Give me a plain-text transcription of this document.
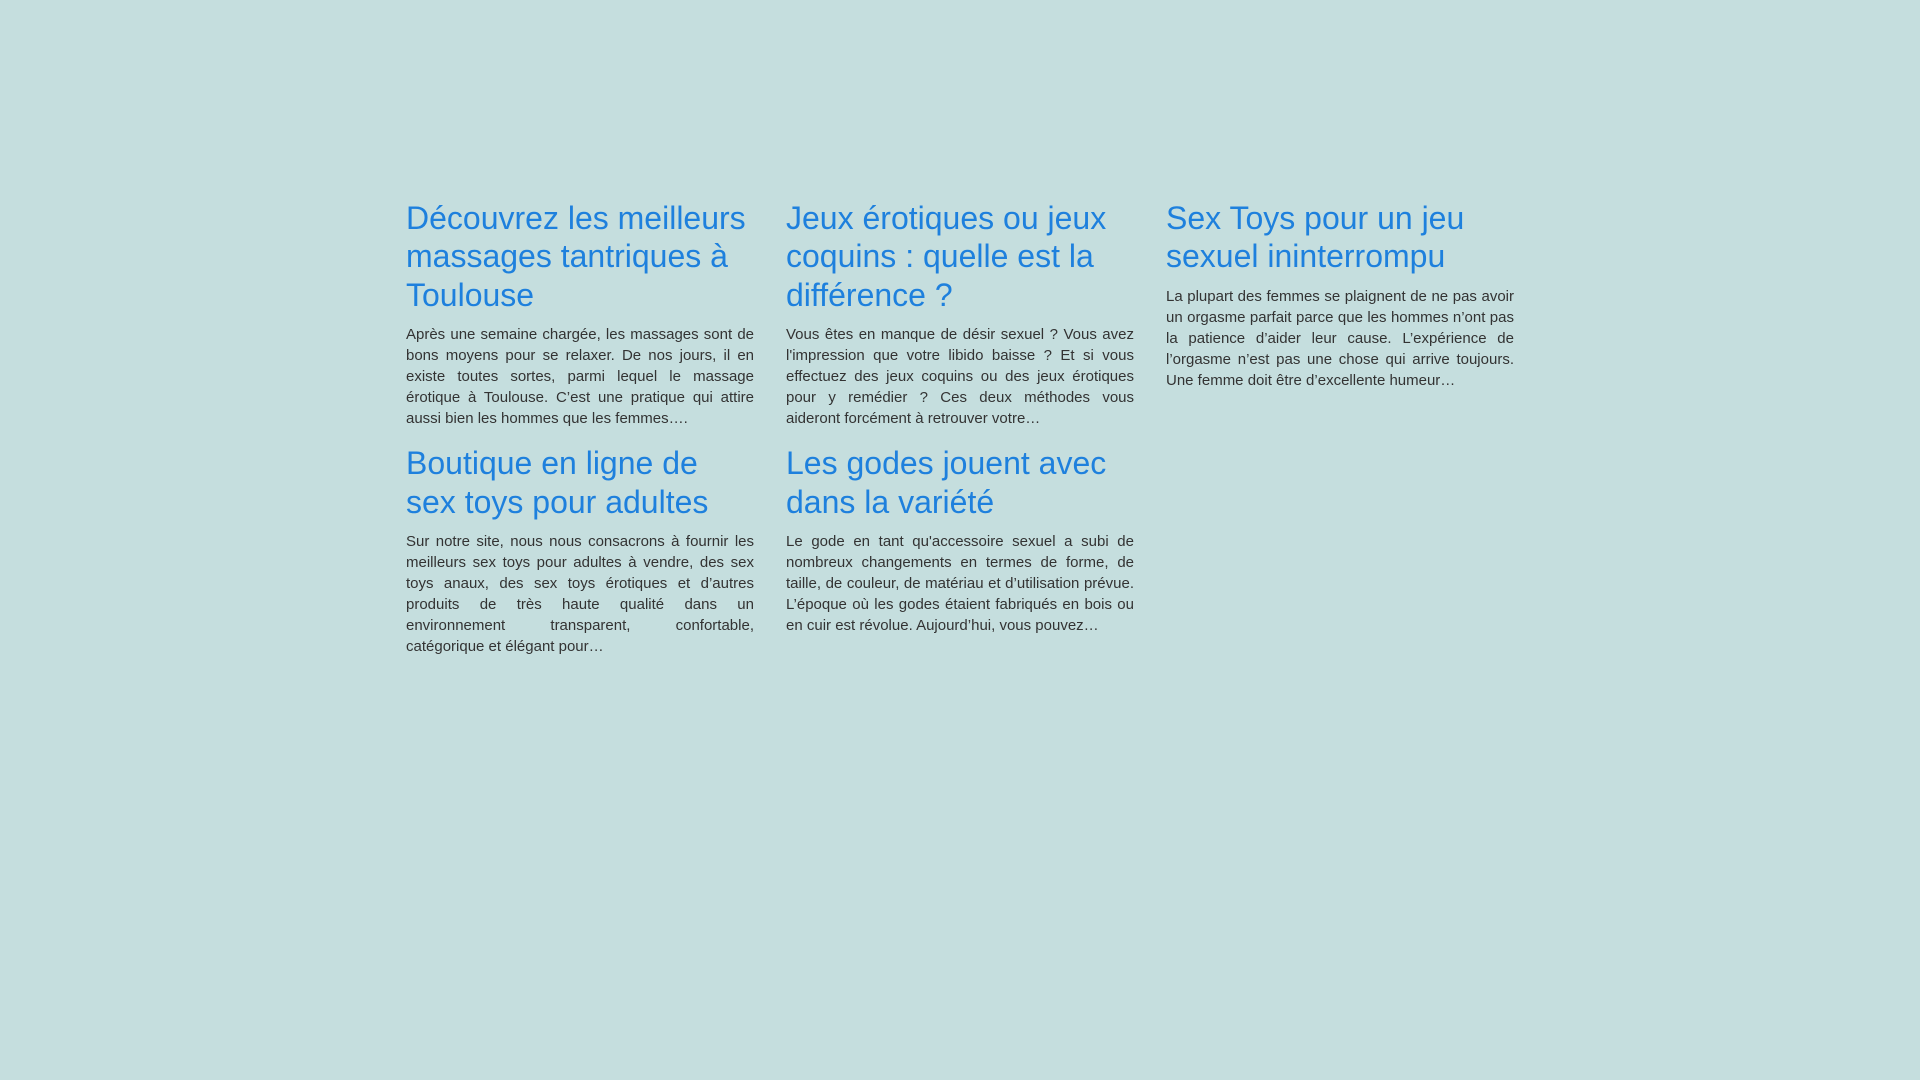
Découvrez les meilleurs massages tantriques à Toulouse

Après une semaine chargée, les massages sont de bons moyens pour se relaxer. De nos jours, il en existe toutes sortes, parmi lequel le massage érotique à Toulouse. C’est une pratique qui attire aussi bien les hommes que les femmes….

Jeux érotiques ou jeux coquins : quelle est la différence ?

Vous êtes en manque de désir sexuel ? Vous avez l'impression que votre libido baisse ? Et si vous effectuez des jeux coquins ou des jeux érotiques pour y remédier ? Ces deux méthodes vous aideront forcément à retrouver votre…

Sex Toys pour un jeu sexuel ininterrompu

La plupart des femmes se plaignent de ne pas avoir un orgasme parfait parce que les hommes n’ont pas la patience d’aider leur cause. L’expérience de l’orgasme n’est pas une chose qui arrive toujours. Une femme doit être d’excellente humeur…

Boutique en ligne de sex toys pour adultes

Sur notre site, nous nous consacrons à fournir les meilleurs sex toys pour adultes à vendre, des sex toys anaux, des sex toys érotiques et d’autres produits de très haute qualité dans un environnement transparent, confortable, catégorique et élégant pour…

Les godes jouent avec dans la variété

Le gode en tant qu'accessoire sexuel a subi de nombreux changements en termes de forme, de taille, de couleur, de matériau et d’utilisation prévue. L’époque où les godes étaient fabriqués en bois ou en cuir est révolue. Aujourd’hui, vous pouvez…
